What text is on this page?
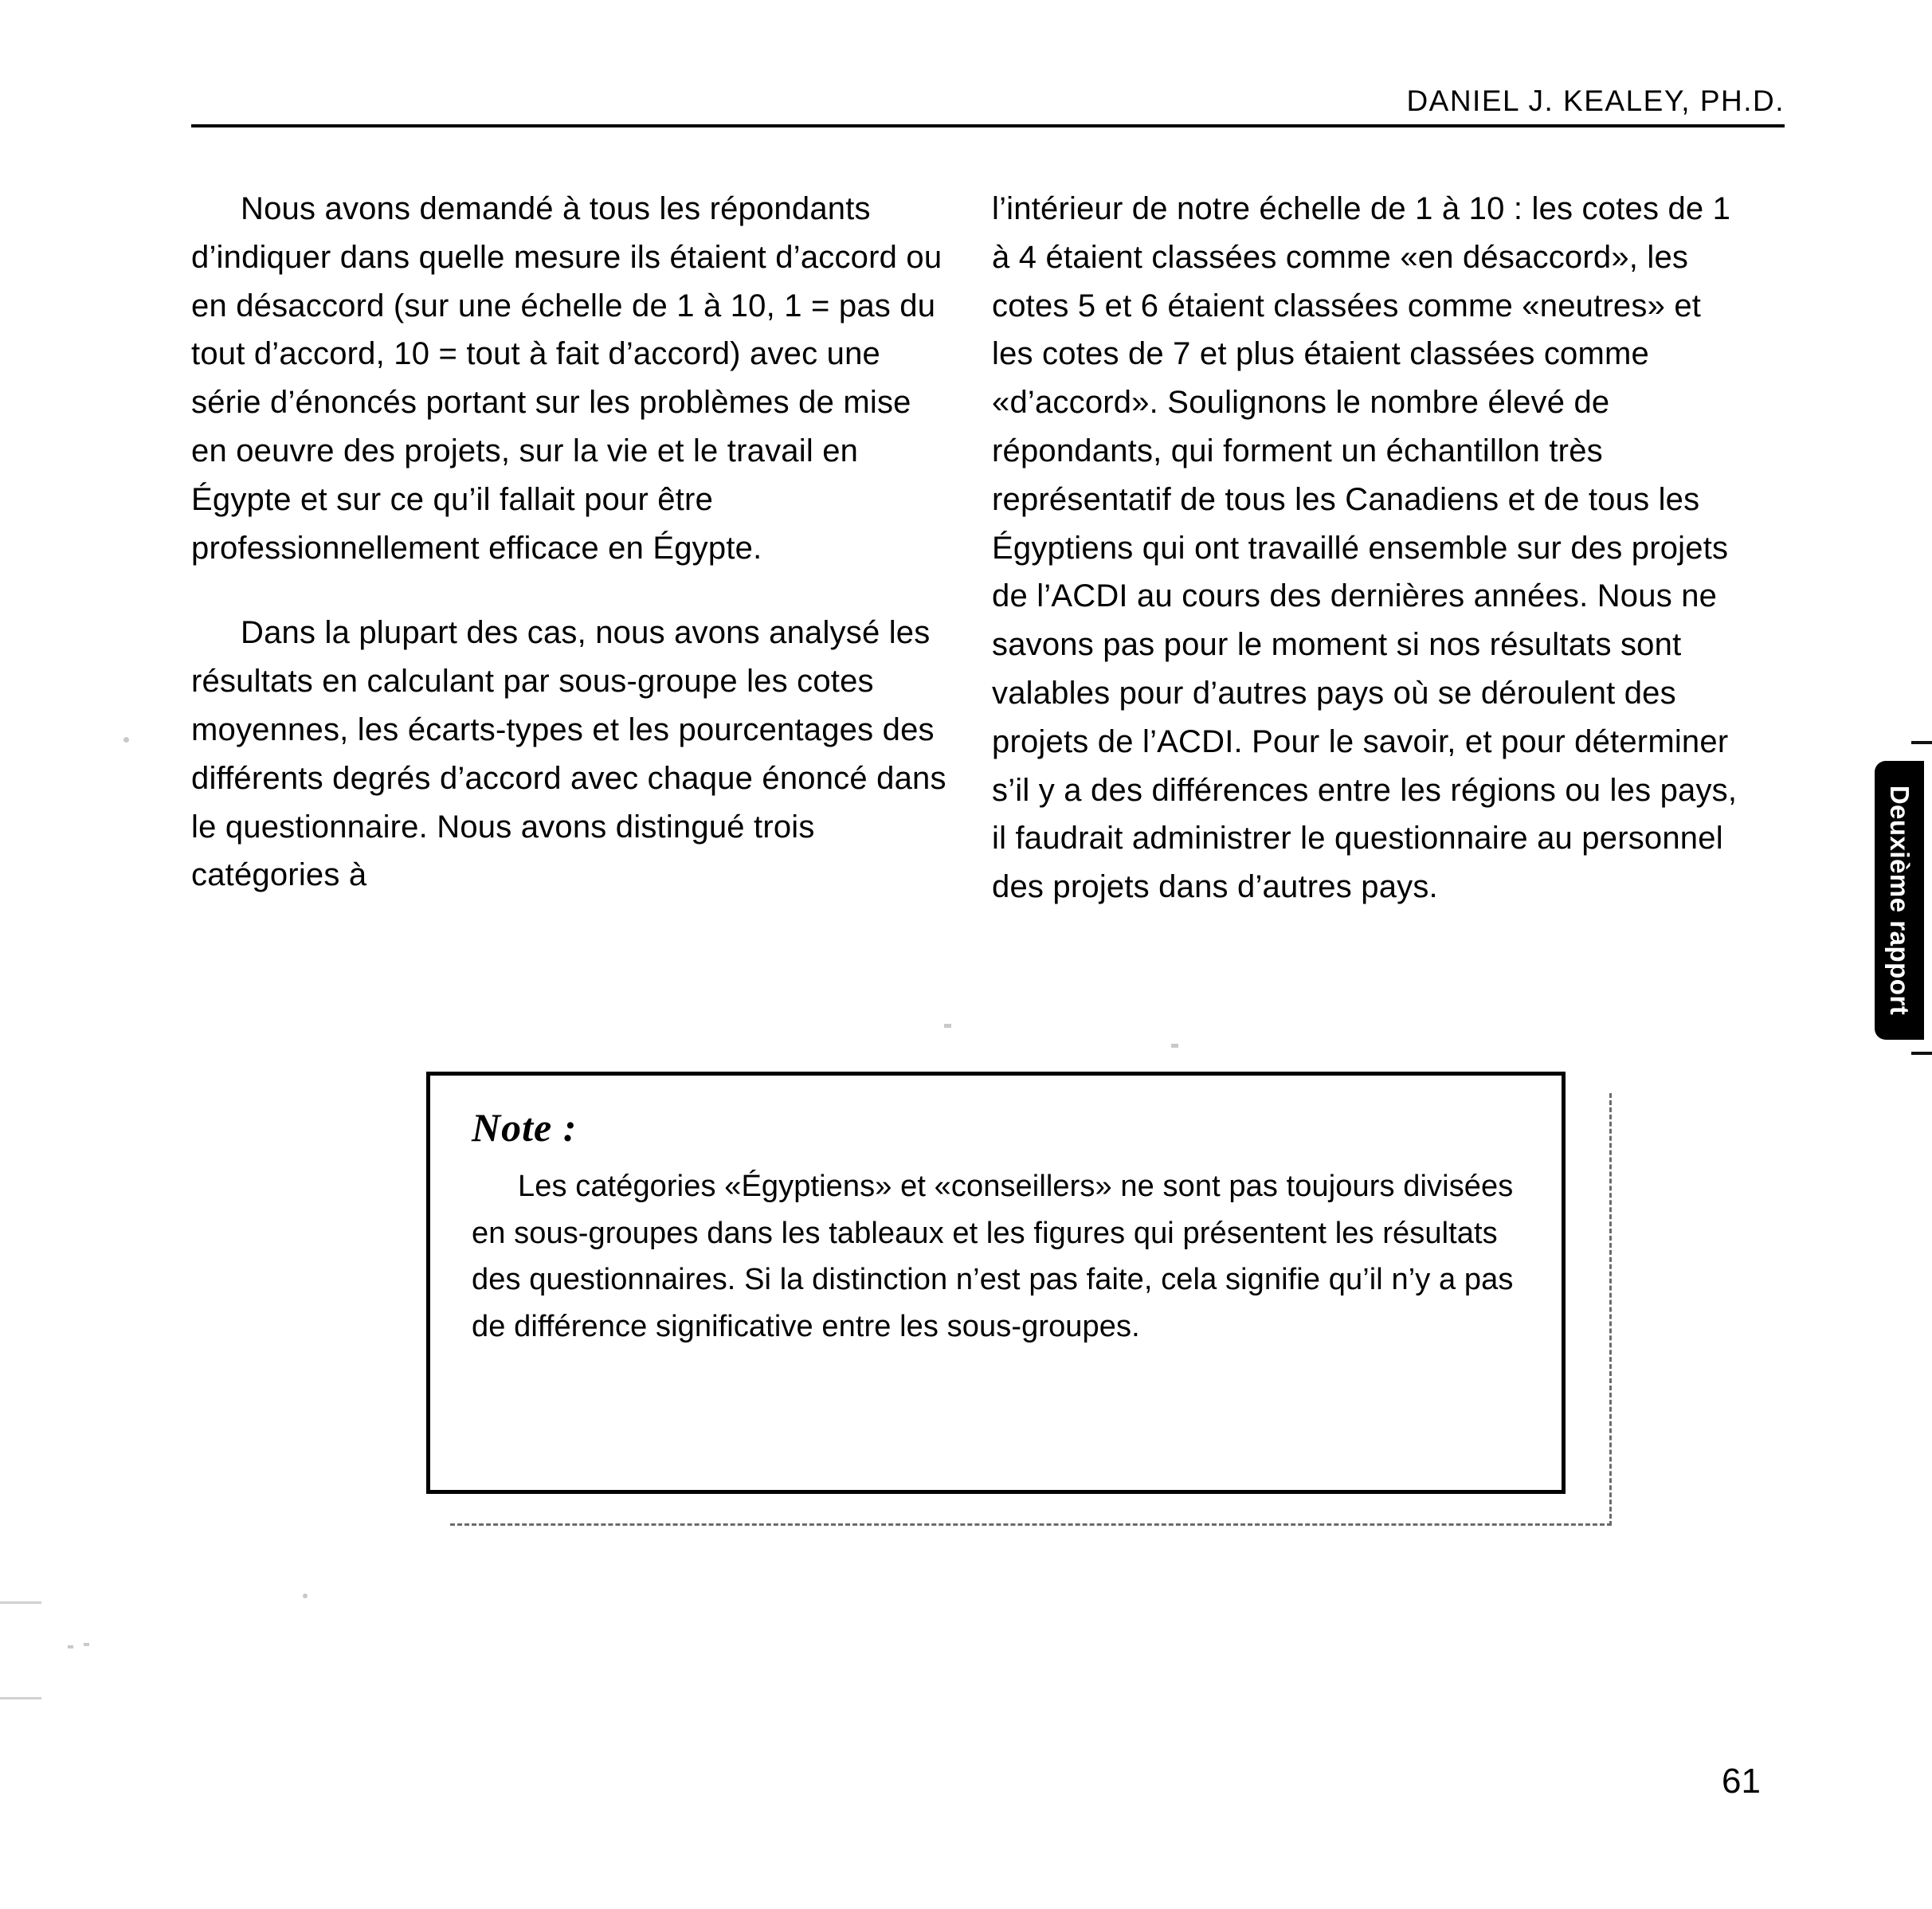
DANIEL J. KEALEY, PH.D.

Nous avons demandé à tous les répondants d’indiquer dans quelle mesure ils étaient d’accord ou en désaccord (sur une échelle de 1 à 10, 1 = pas du tout d’accord, 10 = tout à fait d’accord) avec une série d’énoncés portant sur les problèmes de mise en oeuvre des projets, sur la vie et le travail en Égypte et sur ce qu’il fallait pour être professionnellement efficace en Égypte.

Dans la plupart des cas, nous avons analysé les résultats en calculant par sous-groupe les cotes moyennes, les écarts-types et les pourcentages des différents degrés d’accord avec chaque énoncé dans le questionnaire. Nous avons distingué trois catégories à

l’intérieur de notre échelle de 1 à 10 : les cotes de 1 à 4 étaient classées comme «en désaccord», les cotes 5 et 6 étaient classées comme «neutres» et les cotes de 7 et plus étaient classées comme «d’accord». Soulignons le nombre élevé de répondants, qui forment un échantillon très représentatif de tous les Canadiens et de tous les Égyptiens qui ont travaillé ensemble sur des projets de l’ACDI au cours des dernières années. Nous ne savons pas pour le moment si nos résultats sont valables pour d’autres pays où se déroulent des projets de l’ACDI. Pour le savoir, et pour déterminer s’il y a des différences entre les régions ou les pays, il faudrait administrer le questionnaire au personnel des projets dans d’autres pays.	Deuxième rapport
Note :

Les catégories «Égyptiens» et «conseillers» ne sont pas toujours divisées en sous-groupes dans les tableaux et les figures qui présentent les résultats des questionnaires. Si la distinction n’est pas faite, cela signifie qu’il n’y a pas de différence significative entre les sous-groupes.

61
